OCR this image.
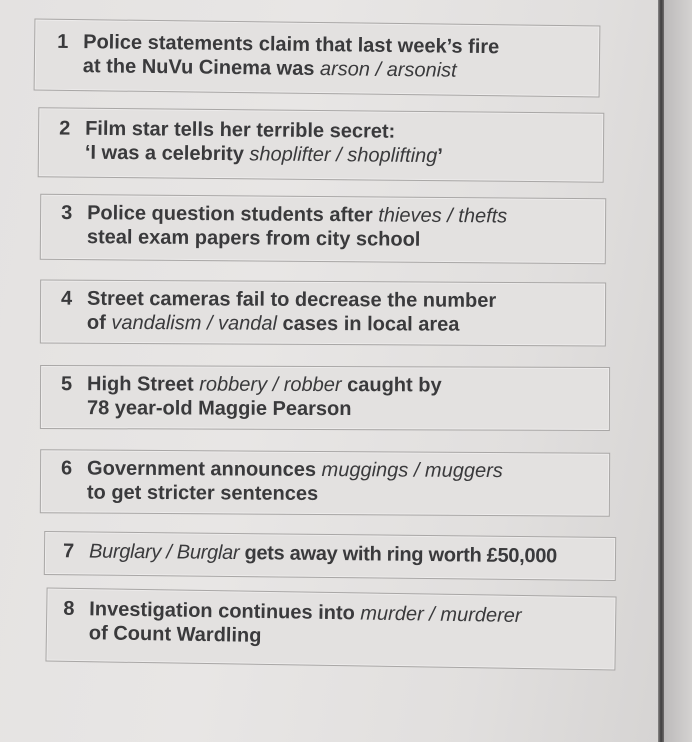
1 Police statements claim that last week’s fire
at the NuVu Cinema was arson / arsonist
2 Film star tells her terrible secret:
‘I was a celebrity shoplifter / shoplifting’
3 Police question students after thieves / thefts
steal exam papers from city school
4 Street cameras fail to decrease the number
of vandalism / vandal cases in local area
5 High Street robbery / robber caught by
78 year-old Maggie Pearson
6 Government announces muggings / muggers
to get stricter sentences
7 Burglary / Burglar gets away with ring worth £50,000
8 Investigation continues into murder / murderer
of Count Wardling
